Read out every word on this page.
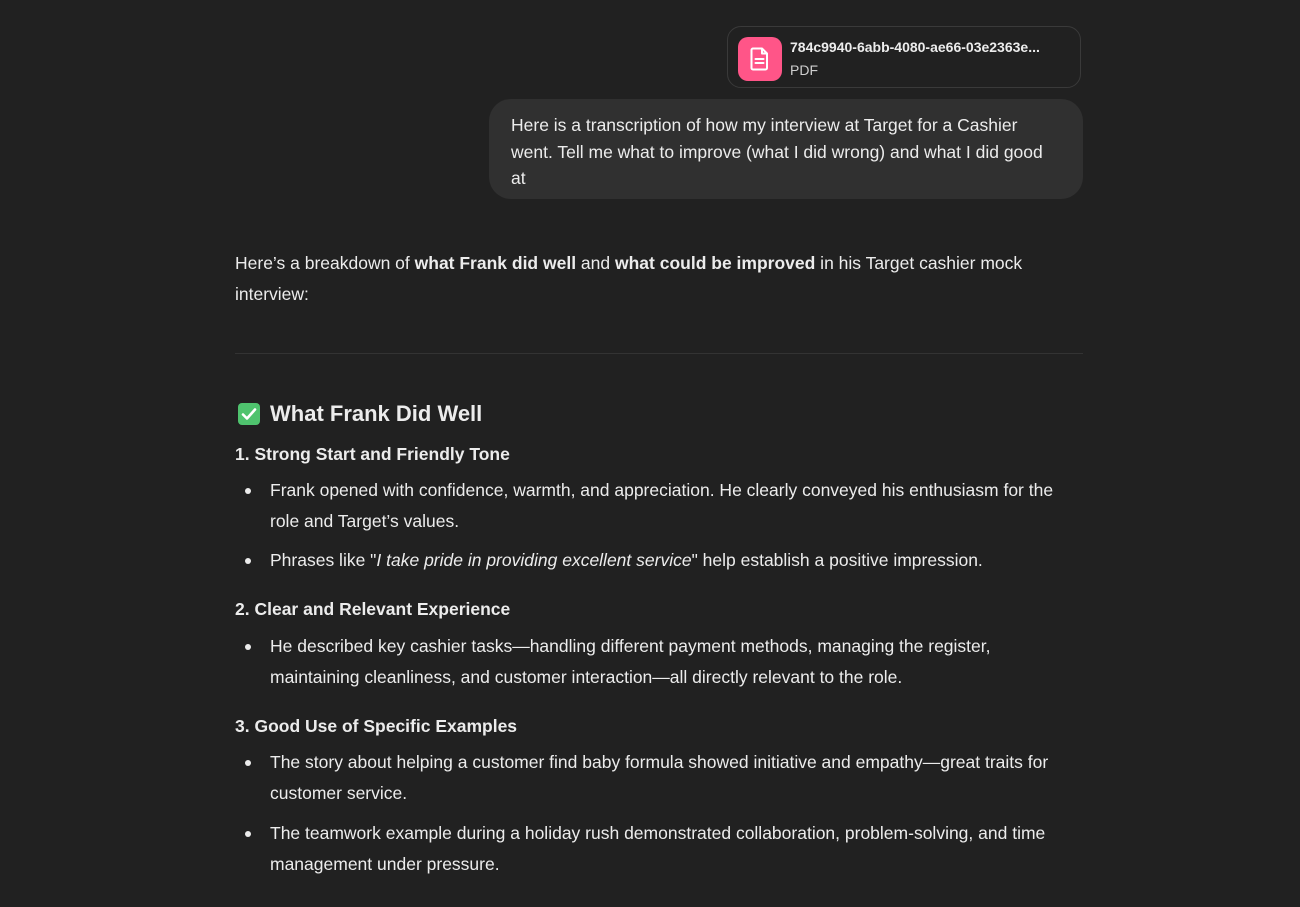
784c9940-6abb-4080-ae66-03e2363e...
PDF
Here is a transcription of how my interview at Target for a Cashier went. Tell me what to improve (what I did wrong) and what I did good at

Here’s a breakdown of what Frank did well and what could be improved in his Target cashier mock interview:

What Frank Did Well
1. Strong Start and Friendly Tone
Frank opened with confidence, warmth, and appreciation. He clearly conveyed his enthusiasm for the role and Target’s values.
Phrases like "I take pride in providing excellent service" help establish a positive impression.
2. Clear and Relevant Experience
He described key cashier tasks—handling different payment methods, managing the register, maintaining cleanliness, and customer interaction—all directly relevant to the role.
3. Good Use of Specific Examples
The story about helping a customer find baby formula showed initiative and empathy—great traits for customer service.
The teamwork example during a holiday rush demonstrated collaboration, problem-solving, and time management under pressure.
